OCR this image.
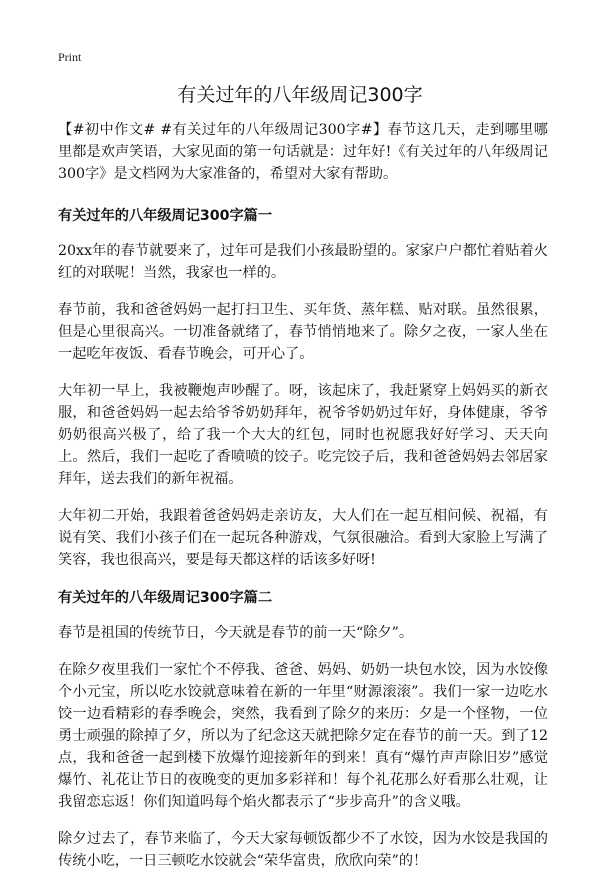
Print
有关过年的八年级周记300字

【#初中作文# #有关过年的八年级周记300字#】春节这几天，走到哪里哪里都是欢声笑语，大家见面的第一句话就是：过年好!《有关过年的八年级周记300字》是文档网为大家准备的，希望对大家有帮助。

有关过年的八年级周记300字篇一

20xx年的春节就要来了，过年可是我们小孩最盼望的。家家户户都忙着贴着火红的对联呢！当然，我家也一样的。

春节前，我和爸爸妈妈一起打扫卫生、买年货、蒸年糕、贴对联。虽然很累，但是心里很高兴。一切准备就绪了，春节悄悄地来了。除夕之夜，一家人坐在一起吃年夜饭、看春节晚会，可开心了。

大年初一早上，我被鞭炮声吵醒了。呀，该起床了，我赶紧穿上妈妈买的新衣服，和爸爸妈妈一起去给爷爷奶奶拜年，祝爷爷奶奶过年好，身体健康，爷爷奶奶很高兴极了，给了我一个大大的红包，同时也祝愿我好好学习、天天向上。然后，我们一起吃了香喷喷的饺子。吃完饺子后，我和爸爸妈妈去邻居家拜年，送去我们的新年祝福。

大年初二开始，我跟着爸爸妈妈走亲访友，大人们在一起互相问候、祝福，有说有笑、我们小孩子们在一起玩各种游戏，气氛很融洽。看到大家脸上写满了笑容，我也很高兴，要是每天都这样的话该多好呀!

有关过年的八年级周记300字篇二

春节是祖国的传统节日，今天就是春节的前一天“除夕”。

在除夕夜里我们一家忙个不停我、爸爸、妈妈、奶奶一块包水饺，因为水饺像个小元宝，所以吃水饺就意味着在新的一年里“财源滚滚”。我们一家一边吃水饺一边看精彩的春季晚会，突然，我看到了除夕的来历：夕是一个怪物，一位勇士顽强的除掉了夕，所以为了纪念这天就把除夕定在春节的前一天。到了12点，我和爸爸一起到楼下放爆竹迎接新年的到来！真有“爆竹声声除旧岁”感觉爆竹、礼花让节日的夜晚变的更加多彩祥和！每个礼花那么好看那么壮观，让我留恋忘返！你们知道吗每个焰火都表示了“步步高升”的含义哦。

除夕过去了，春节来临了，今天大家每顿饭都少不了水饺，因为水饺是我国的传统小吃，一日三顿吃水饺就会“荣华富贵，欣欣向荣”的！
